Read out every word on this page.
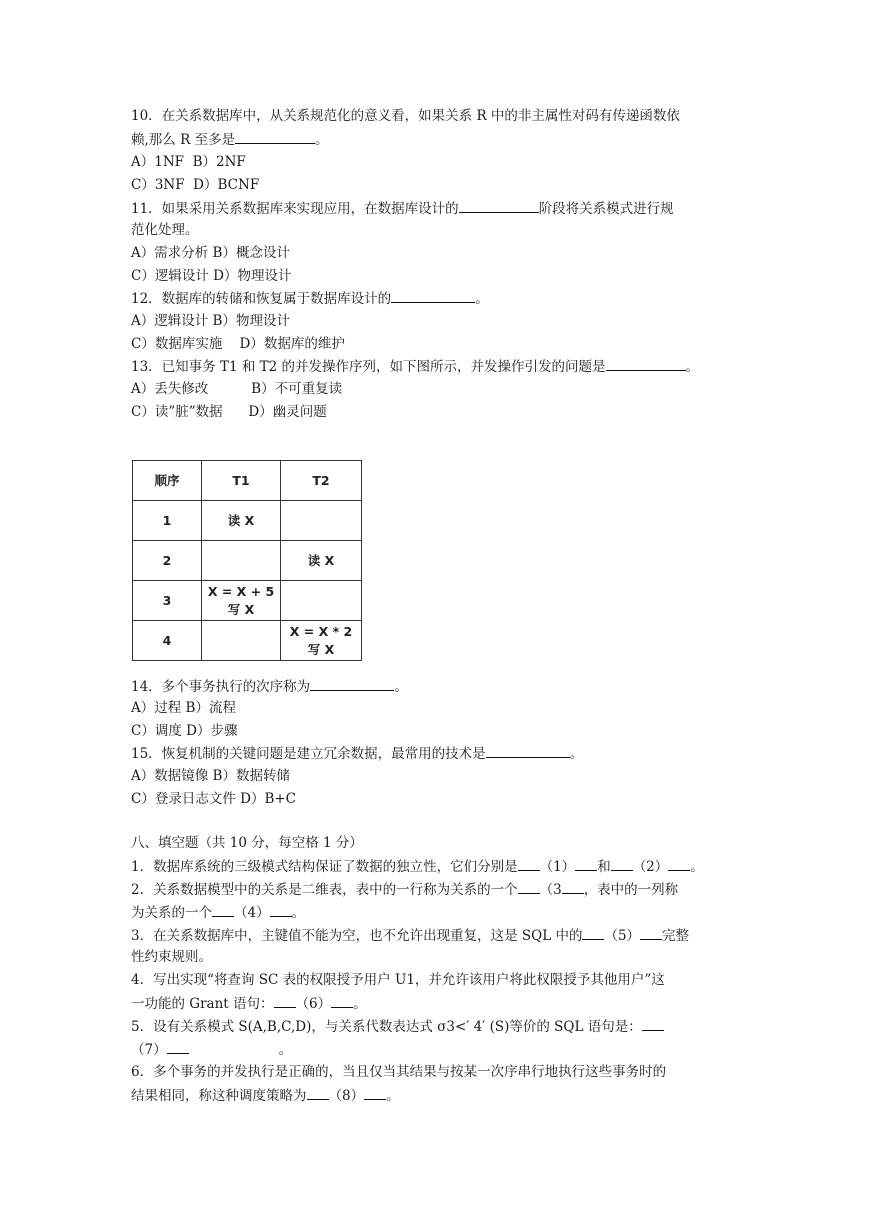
10．在关系数据库中，从关系规范化的意义看，如果关系 R 中的非主属性对码有传递函数依
赖,那么 R 至多是	。
A）1NF  B）2NF
C）3NF  D）BCNF
11．如果采用关系数据库来实现应用，在数据库设计的	阶段将关系模式进行规
范化处理。
A）需求分析 B）概念设计
C）逻辑设计 D）物理设计
12．数据库的转储和恢复属于数据库设计的	。
A）逻辑设计 B）物理设计
C）数据库实施    D）数据库的维护
13．已知事务 T1 和 T2 的并发操作序列，如下图所示，并发操作引发的问题是	。
A）丢失修改          B）不可重复读
C）读”脏”数据      D）幽灵问题
顺序	T1	T2
1	读 X	
2		读 X
3	X = X + 5
写 X	
4		X = X * 2
写 X
14．多个事务执行的次序称为	。
A）过程 B）流程
C）调度 D）步骤
15．恢复机制的关键问题是建立冗余数据，最常用的技术是	。
A）数据镜像 B）数据转储
C）登录日志文件 D）B+C
八、填空题（共 10 分，每空格 1 分）
1．数据库系统的三级模式结构保证了数据的独立性，它们分别是 （1） 和 （2） 。
2．关系数据模型中的关系是二维表，表中的一行称为关系的一个 （3 ，表中的一列称
为关系的一个 （4） 。
3．在关系数据库中，主键值不能为空，也不允许出现重复，这是 SQL 中的 （5） 完整
性约束规则。
4．写出实现“将查询 SC 表的权限授予用户 U1，并允许该用户将此权限授予其他用户”这
一功能的 Grant 语句： （6） 。
5．设有关系模式 S(A,B,C,D)，与关系代数表达式 σ3<′ 4′ (S)等价的 SQL 语句是：
（7）	。
6．多个事务的并发执行是正确的，当且仅当其结果与按某一次序串行地执行这些事务时的
结果相同，称这种调度策略为 （8） 。
